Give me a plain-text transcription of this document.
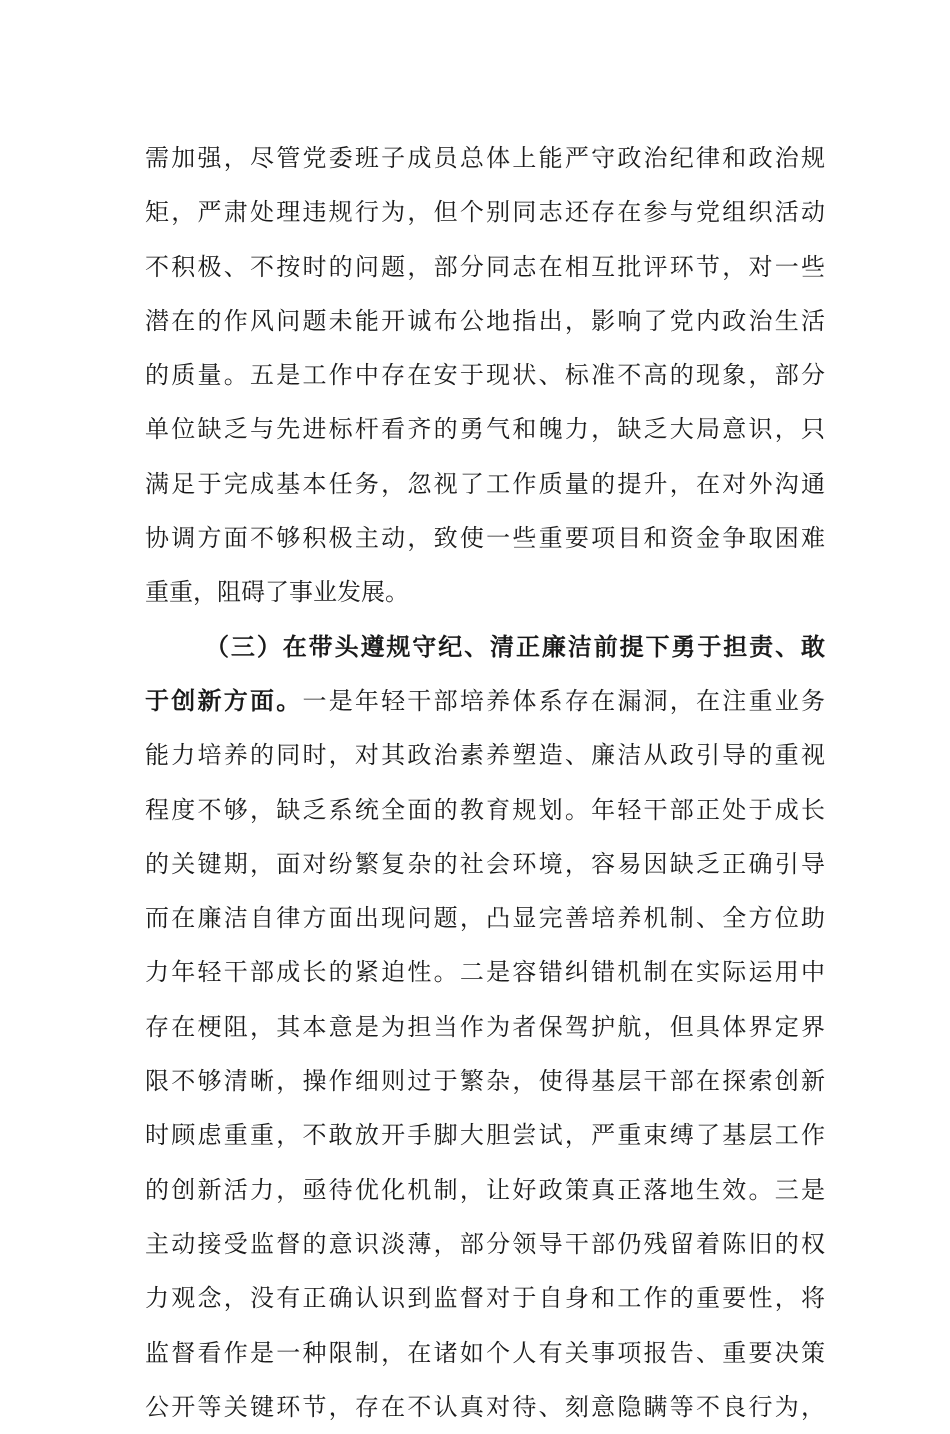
需加强，尽管党委班子成员总体上能严守政治纪律和政治规
矩，严肃处理违规行为，但个别同志还存在参与党组织活动
不积极、不按时的问题，部分同志在相互批评环节，对一些
潜在的作风问题未能开诚布公地指出，影响了党内政治生活
的质量。五是工作中存在安于现状、标准不高的现象，部分
单位缺乏与先进标杆看齐的勇气和魄力，缺乏大局意识，只
满足于完成基本任务，忽视了工作质量的提升，在对外沟通
协调方面不够积极主动，致使一些重要项目和资金争取困难
重重，阻碍了事业发展。
（三）在带头遵规守纪、清正廉洁前提下勇于担责、敢
于创新方面。一是年轻干部培养体系存在漏洞，在注重业务
能力培养的同时，对其政治素养塑造、廉洁从政引导的重视
程度不够，缺乏系统全面的教育规划。年轻干部正处于成长
的关键期，面对纷繁复杂的社会环境，容易因缺乏正确引导
而在廉洁自律方面出现问题，凸显完善培养机制、全方位助
力年轻干部成长的紧迫性。二是容错纠错机制在实际运用中
存在梗阻，其本意是为担当作为者保驾护航，但具体界定界
限不够清晰，操作细则过于繁杂，使得基层干部在探索创新
时顾虑重重，不敢放开手脚大胆尝试，严重束缚了基层工作
的创新活力，亟待优化机制，让好政策真正落地生效。三是
主动接受监督的意识淡薄，部分领导干部仍残留着陈旧的权
力观念，没有正确认识到监督对于自身和工作的重要性，将
监督看作是一种限制，在诸如个人有关事项报告、重要决策
公开等关键环节，存在不认真对待、刻意隐瞒等不良行为，
